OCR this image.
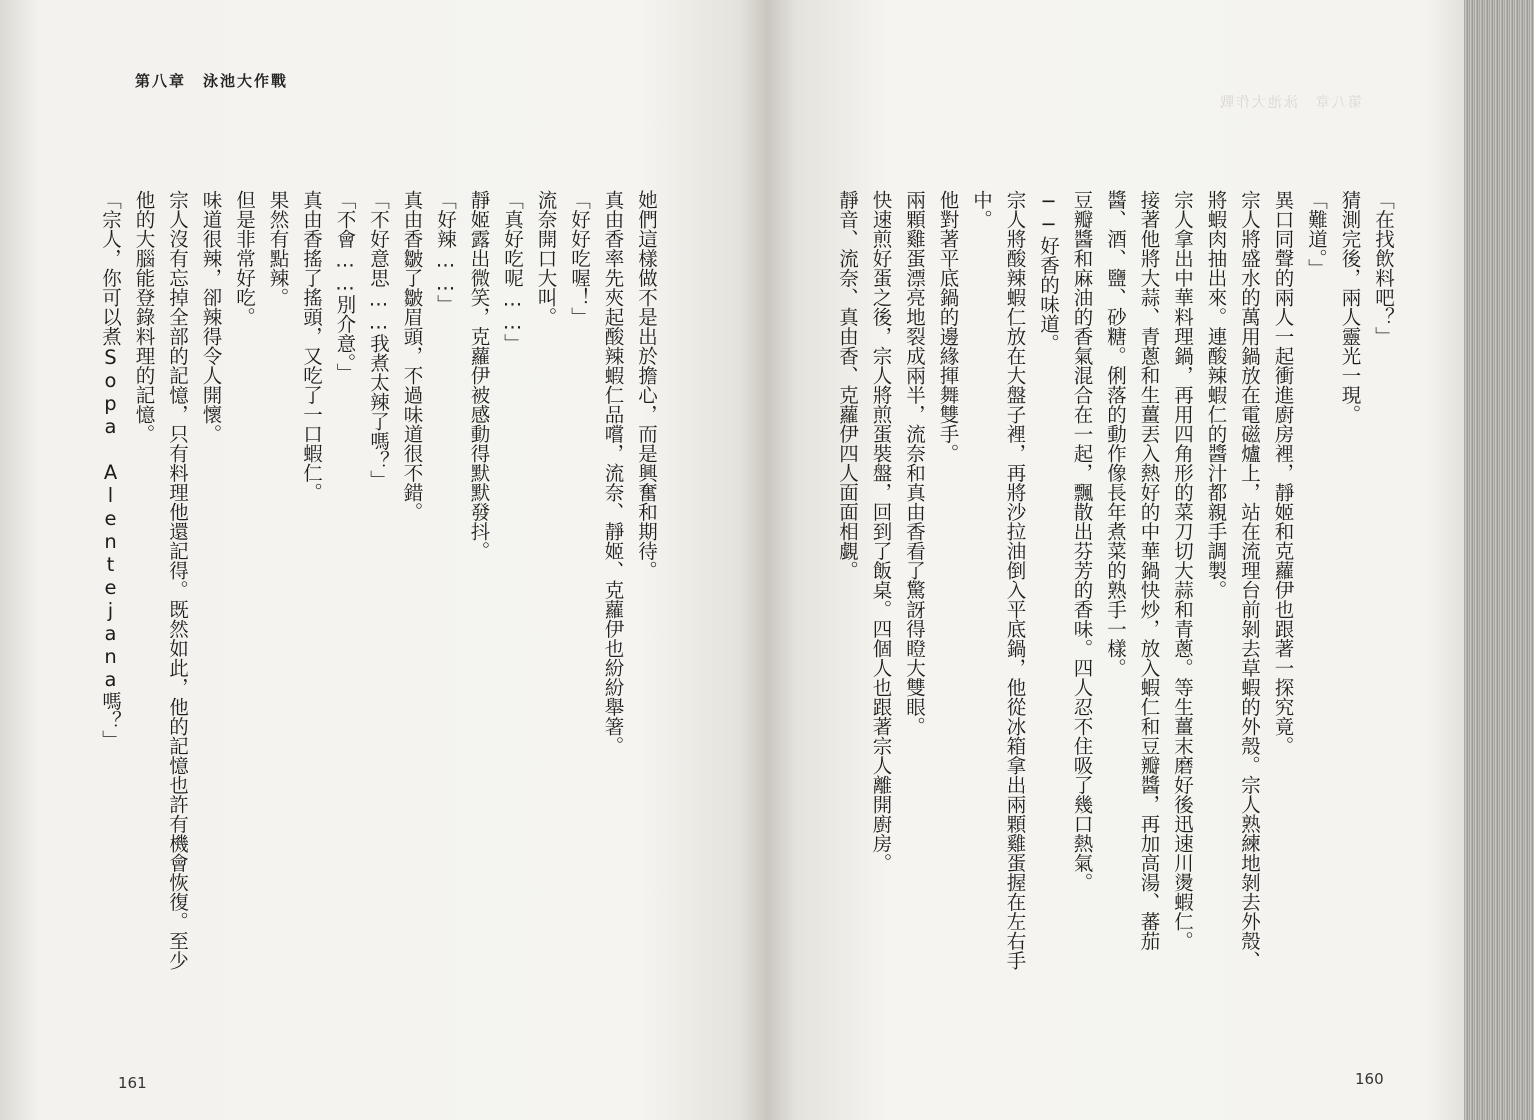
第八章　泳池大作戰

她們這樣做不是出於擔心，而是興奮和期待。

真由香率先夾起酸辣蝦仁品嚐，流奈、靜姬、克蘿伊也紛紛舉箸。

「好好吃喔！」

流奈開口大叫。

「真好吃呢……」

靜姬露出微笑，克蘿伊被感動得默默發抖。

「好辣……」

真由香皺了皺眉頭，不過味道很不錯。

「不好意思……我煮太辣了嗎？」

「不會……別介意。」

真由香搖了搖頭，又吃了一口蝦仁。

果然有點辣。

但是非常好吃。

味道很辣，卻辣得令人開懷。

宗人沒有忘掉全部的記憶，只有料理他還記得。既然如此，他的記憶也許有機會恢復。至少

他的大腦能登錄料理的記憶。

「宗人，你可以煮Sopa Alentejana嗎？」

161
第八章　泳池大作戰

「在找飲料吧？」

猜測完後，兩人靈光一現。

「難道。」

異口同聲的兩人一起衝進廚房裡，靜姬和克蘿伊也跟著一探究竟。

宗人將盛水的萬用鍋放在電磁爐上，站在流理台前剝去草蝦的外殼。宗人熟練地剝去外殼、

將蝦肉抽出來。連酸辣蝦仁的醬汁都親手調製。

宗人拿出中華料理鍋，再用四角形的菜刀切大蒜和青蔥。等生薑末磨好後迅速川燙蝦仁。

接著他將大蒜、青蔥和生薑丟入熱好的中華鍋快炒，放入蝦仁和豆瓣醬，再加高湯、蕃茄

醬、酒、鹽、砂糖。俐落的動作像長年煮菜的熟手一樣。

豆瓣醬和麻油的香氣混合在一起，飄散出芬芳的香味。四人忍不住吸了幾口熱氣。

──好香的味道。

宗人將酸辣蝦仁放在大盤子裡，再將沙拉油倒入平底鍋，他從冰箱拿出兩顆雞蛋握在左右手

中。

他對著平底鍋的邊緣揮舞雙手。

兩顆雞蛋漂亮地裂成兩半，流奈和真由香看了驚訝得瞪大雙眼。

快速煎好蛋之後，宗人將煎蛋裝盤，回到了飯桌。四個人也跟著宗人離開廚房。

靜音、流奈、真由香、克蘿伊四人面面相覷。

160
